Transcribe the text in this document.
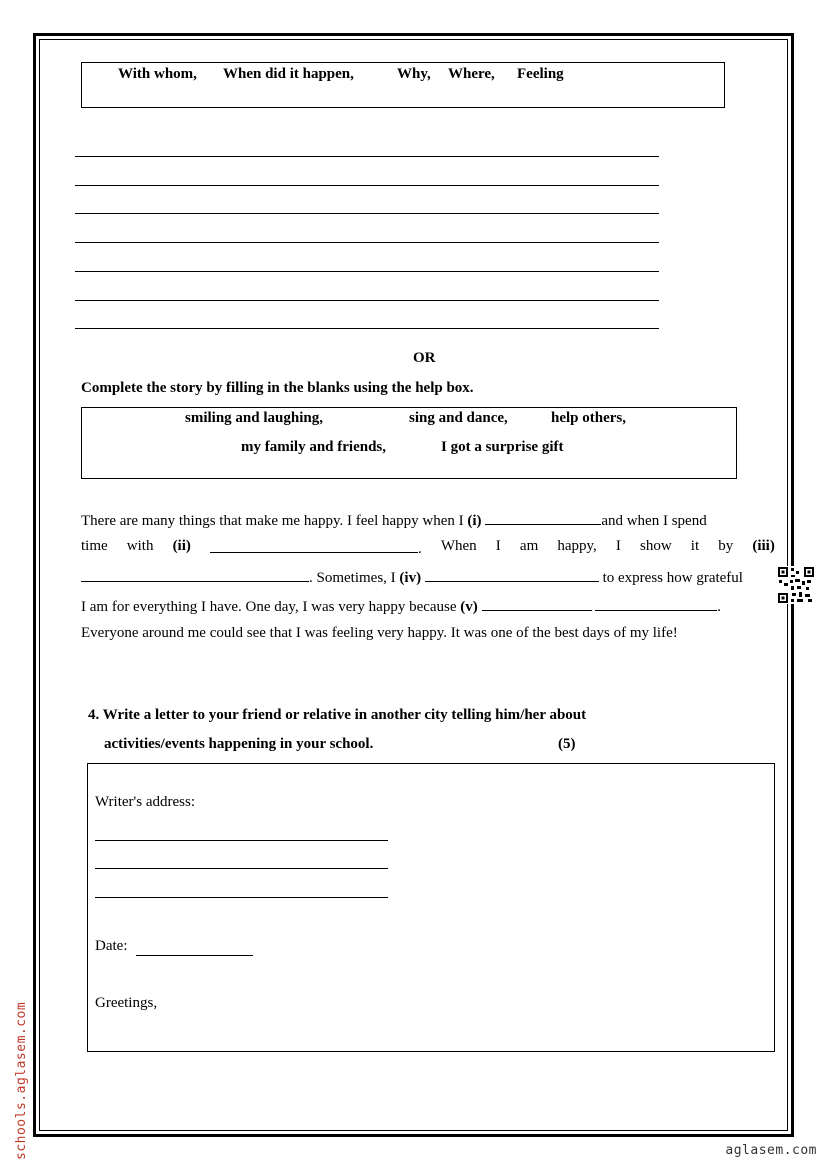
With whom, When did it happen,	Why, Where, Feeling
OR
Complete the story by filling in the blanks using the help box.
smiling and laughing,	sing and dance,	help others,
my family and friends,	I got a surprise gift
There are many things that make me happy. I feel happy when I (i)	and when I spend
time with (ii)	. When I am happy, I show it by (iii)
. Sometimes, I (iv)	to express how grateful
I am for everything I have. One day, I was very happy because (v)	.
Everyone around me could see that I was feeling very happy. It was one of the best days of my life!
4. Write a letter to your friend or relative in another city telling him/her about
activities/events happening in your school.	(5)
Writer's address:
Date:
Greetings,
schools.aglasem.com	aglasem.com
